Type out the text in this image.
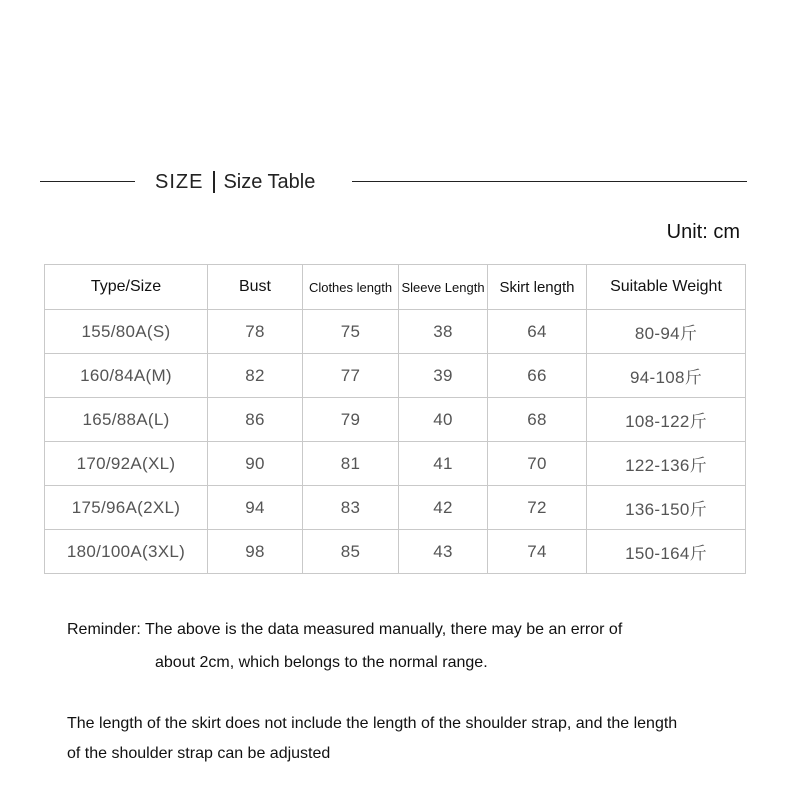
SIZE Size Table
Unit: cm
Type/Size	Bust	Clothes length	Sleeve Length	Skirt length	Suitable Weight
155/80A(S)	78	75	38	64	80-94斤
160/84A(M)	82	77	39	66	94-108斤
165/88A(L)	86	79	40	68	108-122斤
170/92A(XL)	90	81	41	70	122-136斤
175/96A(2XL)	94	83	42	72	136-150斤
180/100A(3XL)	98	85	43	74	150-164斤
Reminder: The above is the data measured manually, there may be an error of
about 2cm, which belongs to the normal range.
The length of the skirt does not include the length of the shoulder strap, and the length
of the shoulder strap can be adjusted
